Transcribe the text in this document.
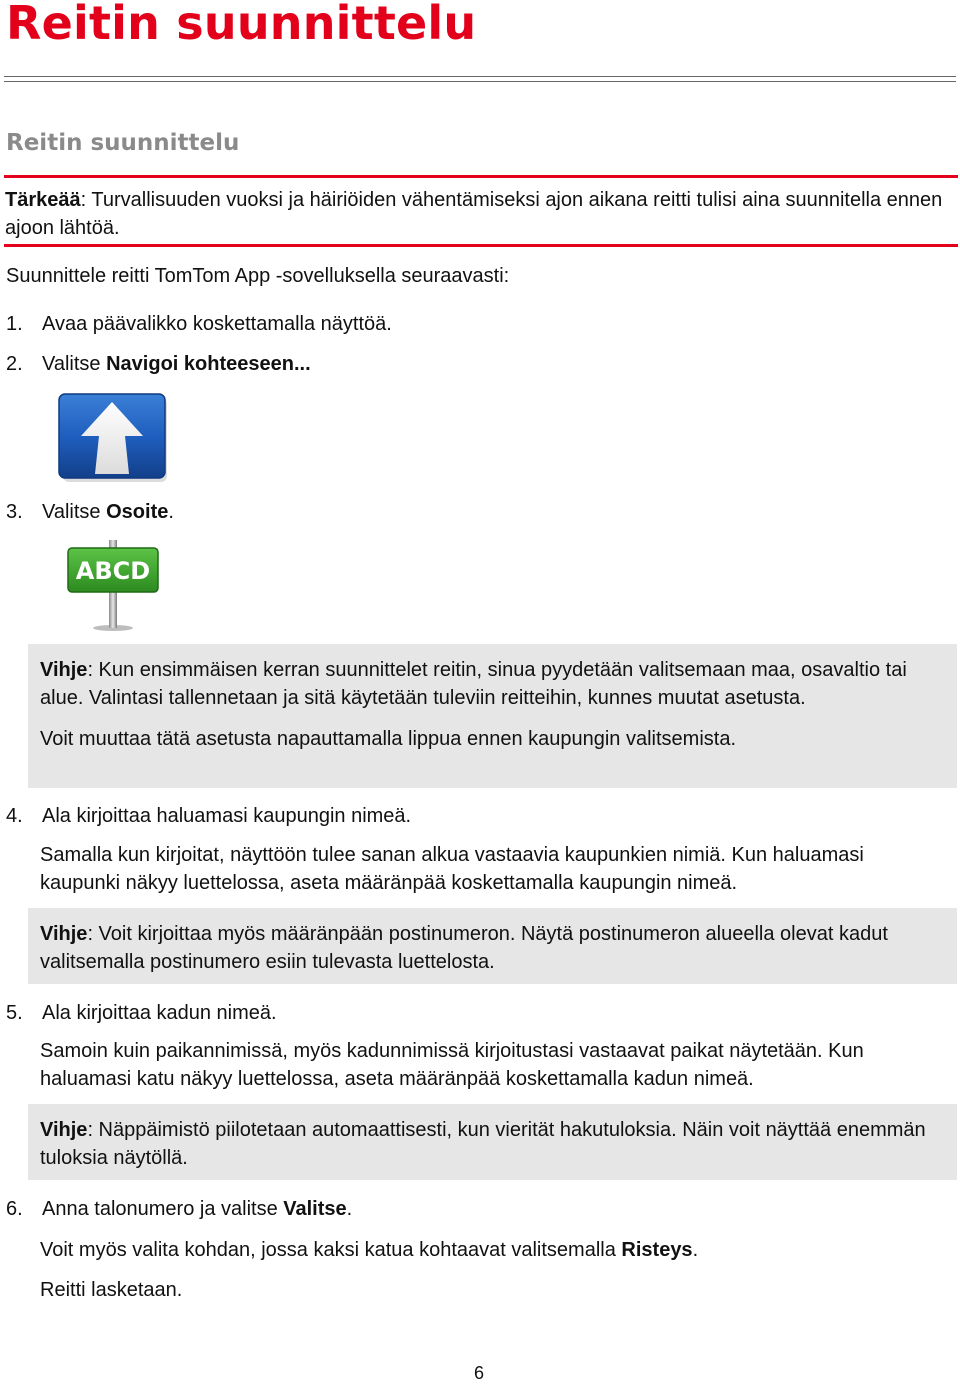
Reitin suunnittelu
Reitin suunnittelu
Tärkeää: Turvallisuuden vuoksi ja häiriöiden vähentämiseksi ajon aikana reitti tulisi aina suunnitella ennen ajoon lähtöä.

Suunnittele reitti TomTom App -sovelluksella seuraavasti:

1. Avaa päävalikko koskettamalla näyttöä.
2. Valitse Navigoi kohteeseen...
3. Valitse Osoite.
ABCD

Vihje: Kun ensimmäisen kerran suunnittelet reitin, sinua pyydetään valitsemaan maa, osavaltio tai alue. Valintasi tallennetaan ja sitä käytetään tuleviin reitteihin, kunnes muutat asetusta.

Voit muuttaa tätä asetusta napauttamalla lippua ennen kaupungin valitsemista.

4. Ala kirjoittaa haluamasi kaupungin nimeä.

Samalla kun kirjoitat, näyttöön tulee sanan alkua vastaavia kaupunkien nimiä. Kun haluamasi kaupunki näkyy luettelossa, aseta määränpää koskettamalla kaupungin nimeä.

Vihje: Voit kirjoittaa myös määränpään postinumeron. Näytä postinumeron alueella olevat kadut valitsemalla postinumero esiin tulevasta luettelosta.

5. Ala kirjoittaa kadun nimeä.

Samoin kuin paikannimissä, myös kadunnimissä kirjoitustasi vastaavat paikat näytetään. Kun haluamasi katu näkyy luettelossa, aseta määränpää koskettamalla kadun nimeä.

Vihje: Näppäimistö piilotetaan automaattisesti, kun vierität hakutuloksia. Näin voit näyttää enemmän tuloksia näytöllä.

6. Anna talonumero ja valitse Valitse.

Voit myös valita kohdan, jossa kaksi katua kohtaavat valitsemalla Risteys.

Reitti lasketaan.

6
